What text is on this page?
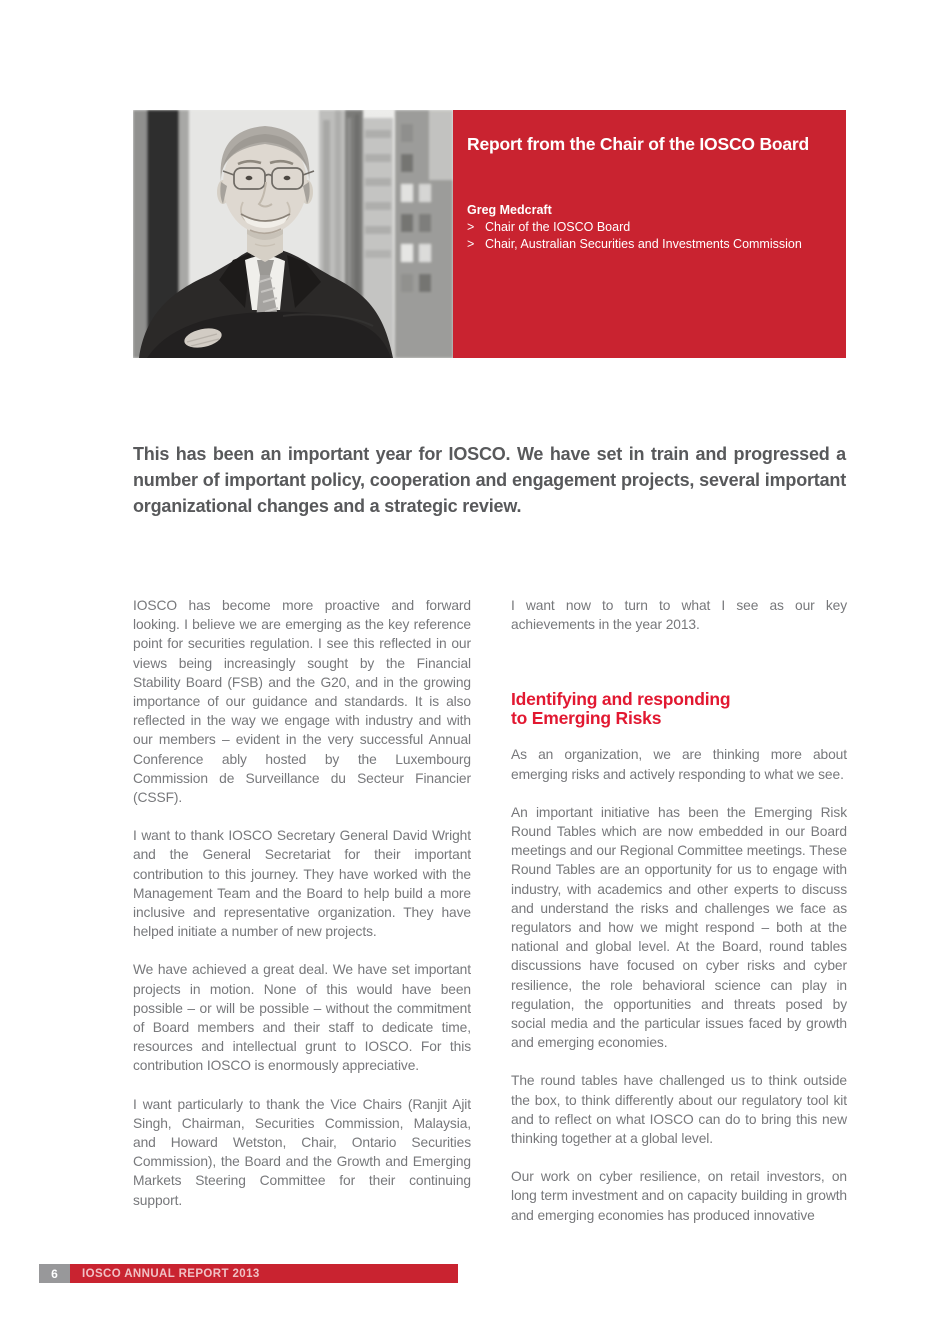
Report from the Chair of the IOSCO Board
Greg Medcraft
> Chair of the IOSCO Board
> Chair, Australian Securities and Investments Commission
This has been an important year for IOSCO. We have set in train and progressed a number of important policy, cooperation and engagement projects, several important organizational changes and a strategic review.

IOSCO has become more proactive and forward looking. I believe we are emerging as the key reference point for securities regulation. I see this reflected in our views being increasingly sought by the Financial Stability Board (FSB) and the G20, and in the growing importance of our guidance and standards. It is also reflected in the way we engage with industry and with our members – evident in the very successful Annual Conference ably hosted by the Luxembourg Commission de Surveillance du Secteur Financier (CSSF).

I want to thank IOSCO Secretary General David Wright and the General Secretariat for their important contribution to this journey. They have worked with the Management Team and the Board to help build a more inclusive and representative organization. They have helped initiate a number of new projects.

We have achieved a great deal. We have set important projects in motion. None of this would have been possible – or will be possible – without the commitment of Board members and their staff to dedicate time, resources and intellectual grunt to IOSCO. For this contribution IOSCO is enormously appreciative.

I want particularly to thank the Vice Chairs (Ranjit Ajit Singh, Chairman, Securities Commission, Malaysia, and Howard Wetston, Chair, Ontario Securities Commission), the Board and the Growth and Emerging Markets Steering Committee for their continuing support.

I want now to turn to what I see as our key achievements in the year 2013.

Identifying and responding
to Emerging Risks

As an organization, we are thinking more about emerging risks and actively responding to what we see.

An important initiative has been the Emerging Risk Round Tables which are now embedded in our Board meetings and our Regional Committee meetings. These Round Tables are an opportunity for us to engage with industry, with academics and other experts to discuss and understand the risks and challenges we face as regulators and how we might respond – both at the national and global level. At the Board, round tables discussions have focused on cyber risks and cyber resilience, the role behavioral science can play in regulation, the opportunities and threats posed by social media and the particular issues faced by growth and emerging economies.

The round tables have challenged us to think outside the box, to think differently about our regulatory tool kit and to reflect on what IOSCO can do to bring this new thinking together at a global level.

Our work on cyber resilience, on retail investors, on long term investment and on capacity building in growth and emerging economies has produced innovative

6	IOSCO ANNUAL REPORT 2013
